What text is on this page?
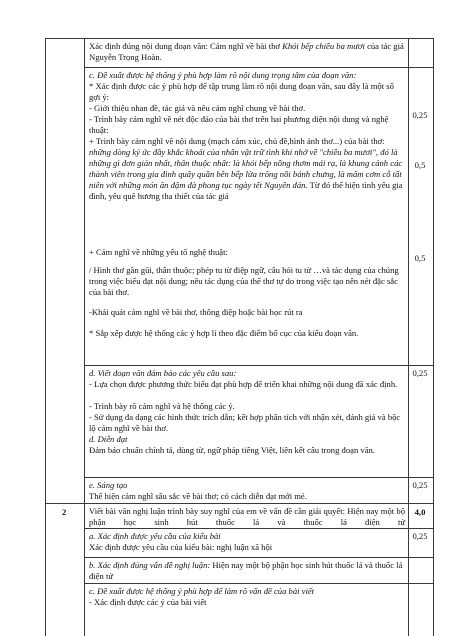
Xác định đúng nội dung đoạn văn: Cảm nghĩ về bài thơ Khói bếp chiều ba mươi của tác giả Nguyễn Trọng Hoàn.
c. Đề xuất được hệ thống ý phù hợp làm rõ nội dung trọng tâm của đoạn văn:
* Xác định được các ý phù hợp để tập trung làm rõ nội dung đoạn văn, sau đây là một số gợi ý:
- Giới thiệu nhan đề, tác giả và nêu cảm nghĩ chung về bài thơ.
- Trình bày cảm nghĩ về nét độc đáo của bài thơ trên hai phương diện nội dung và nghệ thuật:
+ Trình bày cảm nghĩ về nội dung (mạch cảm xúc, chủ đề,hình ảnh thơ...) của bài thơ: những dòng ký ức đầy khắc khoải của nhân vật trữ tình khi nhớ về "chiều ba mươi", đó là những gì đơn giản nhất, thân thuộc nhất: là khói bếp nồng thơm mái rạ, là khung cảnh các thành viên trong gia đình quây quần bên bếp lửa trông nồi bánh chưng, là mâm cơm cỗ tất niên với những món ăn đậm đà phong tục ngày tết Nguyên đán. Từ đó thể hiện tình yêu gia đình, yêu quê hương tha thiết của tác giả
+ Cảm nghĩ về những yếu tố nghệ thuật:
/ Hình thơ gần gũi, thân thuộc; phép tu từ điệp ngữ, câu hỏi tu từ …và tác dụng của chúng trong việc biểu đạt nội dung; nêu tác dụng của thể thơ tự do trong việc tạo nên nét đặc sắc của bài thơ.
-Khái quát cảm nghĩ về bài thơ, thông điệp hoặc bài học rút ra
* Sắp xếp được hệ thống các ý hợp lí theo đặc điểm bố cục của kiểu đoạn văn.
0,25
0,5
0,5
d. Viết đoạn văn đảm bảo các yêu cầu sau:
- Lựa chọn được phương thức biểu đạt phù hợp để triển khai những nội dung đã xác định.
- Trình bày rõ cảm nghĩ và hệ thống các ý.
- Sử dụng đa dạng các hình thức trích dẫn; kết hợp phân tích với nhận xét, đánh giá và bộc lộ cảm nghĩ về bài thơ.
d. Diễn đạt
Đảm bảo chuẩn chính tả, dùng từ, ngữ pháp tiếng Việt, liên kết câu trong đoạn văn.
0,25
e. Sáng tạo
Thể hiện cảm nghĩ sâu sắc về bài thơ; có cách diễn đạt mới mẻ.
0,25
2	Viết bài văn nghị luận trình bày suy nghĩ của em về vấn đề cần giải quyết: Hiện nay một bộ phận học sinh hút thuốc lá và thuốc lá điện tử
4,0
a. Xác định được yêu cầu của kiểu bài
Xác định được yêu cầu của kiểu bài: nghị luận xã hội
0,25
b. Xác định đúng vấn đề nghị luận: Hiện nay một bộ phận học sinh hút thuốc lá và thuốc lá điện tử
c. Đề xuất được hệ thống ý phù hợp để làm rõ vấn đề của bài viết
- Xác định được các ý của bài viết
